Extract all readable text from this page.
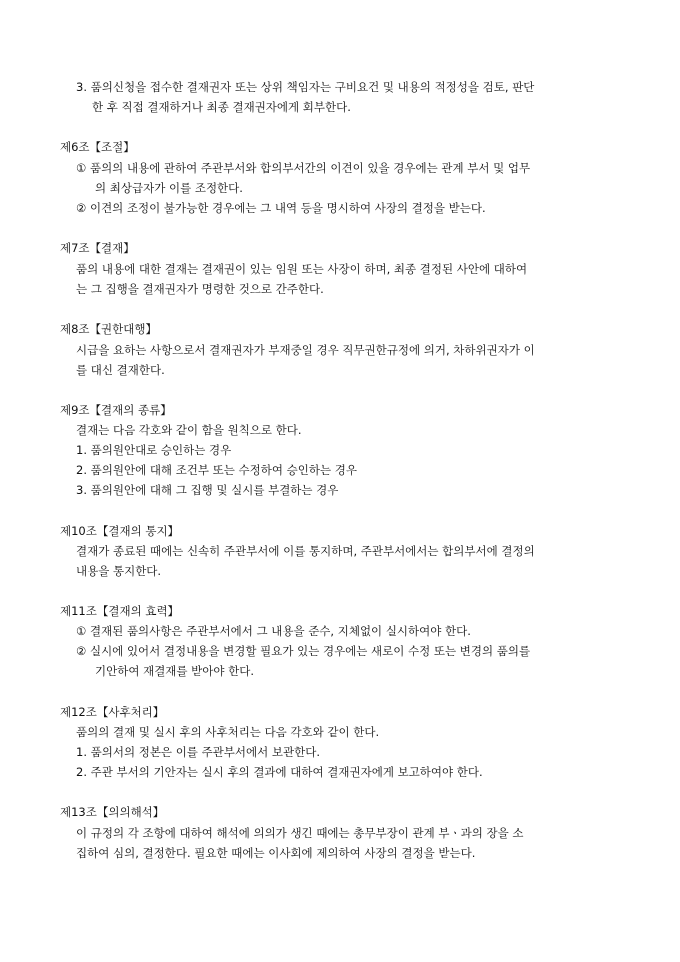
3. 품의신청을 접수한 결재권자 또는 상위 책임자는 구비요건 및 내용의 적정성을 검토, 판단
한 후 직접 결재하거나 최종 결재권자에게 회부한다.
제6조【조절】
① 품의의 내용에 관하여 주관부서와 합의부서간의 이견이 있을 경우에는 관계 부서 및 업무
의 최상급자가 이를 조정한다.
② 이견의 조정이 불가능한 경우에는 그 내역 등을 명시하여 사장의 결정을 받는다.
제7조【결재】
품의 내용에 대한 결재는 결재권이 있는 임원 또는 사장이 하며, 최종 결정된 사안에 대하여
는 그 집행을 결재권자가 명령한 것으로 간주한다.
제8조【권한대행】
시급을 요하는 사항으로서 결재권자가 부재중일 경우 직무권한규정에 의거, 차하위권자가 이
를 대신 결재한다.
제9조【결재의 종류】
결재는 다음 각호와 같이 함을 원칙으로 한다.
1. 품의원안대로 승인하는 경우
2. 품의원안에 대해 조건부 또는 수정하여 승인하는 경우
3. 품의원안에 대해 그 집행 및 실시를 부결하는 경우
제10조【결재의 통지】
결재가 종료된 때에는 신속히 주관부서에 이를 통지하며, 주관부서에서는 합의부서에 결정의
내용을 통지한다.
제11조【결재의 효력】
① 결재된 품의사항은 주관부서에서 그 내용을 준수, 지체없이 실시하여야 한다.
② 실시에 있어서 결정내용을 변경할 필요가 있는 경우에는 새로이 수정 또는 변경의 품의를
기안하여 재결재를 받아야 한다.
제12조【사후처리】
품의의 결재 및 실시 후의 사후처리는 다음 각호와 같이 한다.
1. 품의서의 정본은 이를 주관부서에서 보관한다.
2. 주관 부서의 기안자는 실시 후의 결과에 대하여 결재권자에게 보고하여야 한다.
제13조【의의해석】
이 규정의 각 조항에 대하여 해석에 의의가 생긴 때에는 총무부장이 관계 부ㆍ과의 장을 소
집하여 심의, 결정한다. 필요한 때에는 이사회에 제의하여 사장의 결정을 받는다.
